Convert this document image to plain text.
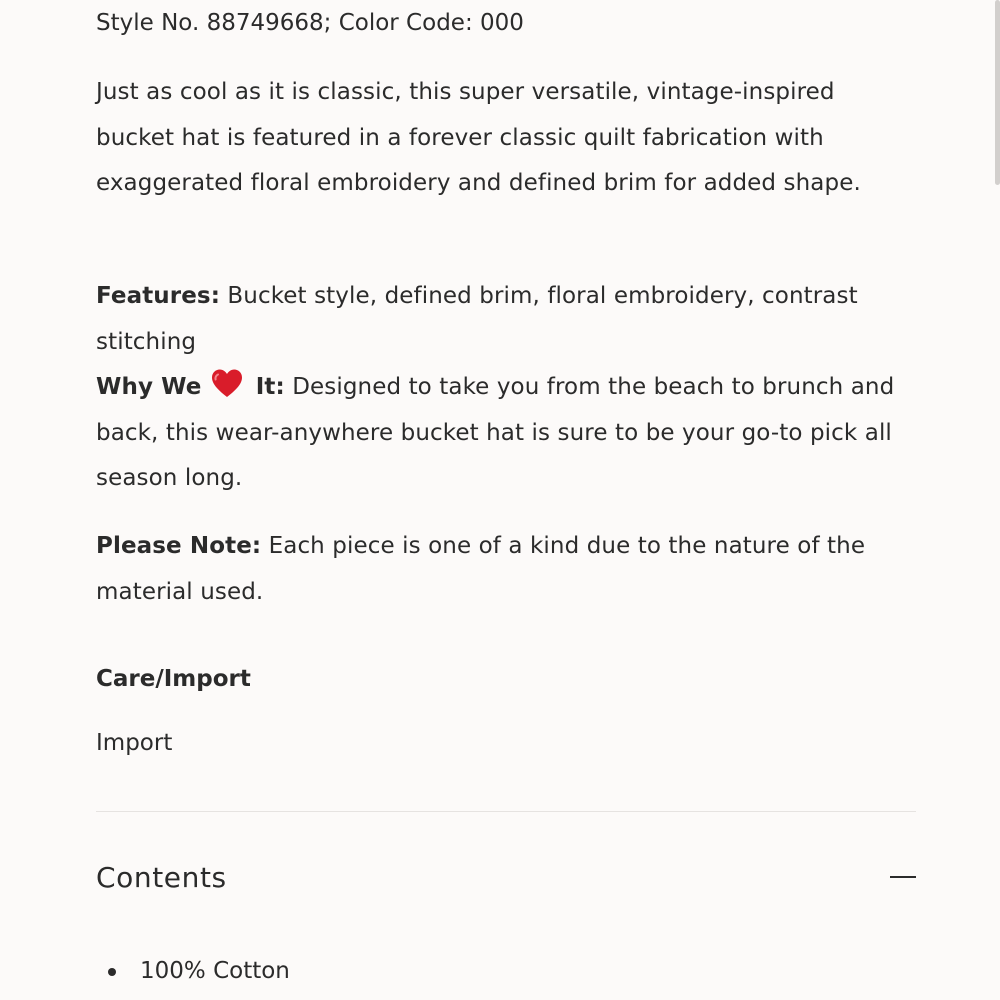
Style No. 88749668; Color Code: 000
Just as cool as it is classic, this super versatile, vintage-inspired bucket hat is featured in a forever classic quilt fabrication with exaggerated floral embroidery and defined brim for added shape.
Features: Bucket style, defined brim, floral embroidery, contrast stitching
Why We  It: Designed to take you from the beach to brunch and back, this wear-anywhere bucket hat is sure to be your go-to pick all season long.
Please Note: Each piece is one of a kind due to the nature of the material used.
Care/Import
Import
Contents
100% Cotton
